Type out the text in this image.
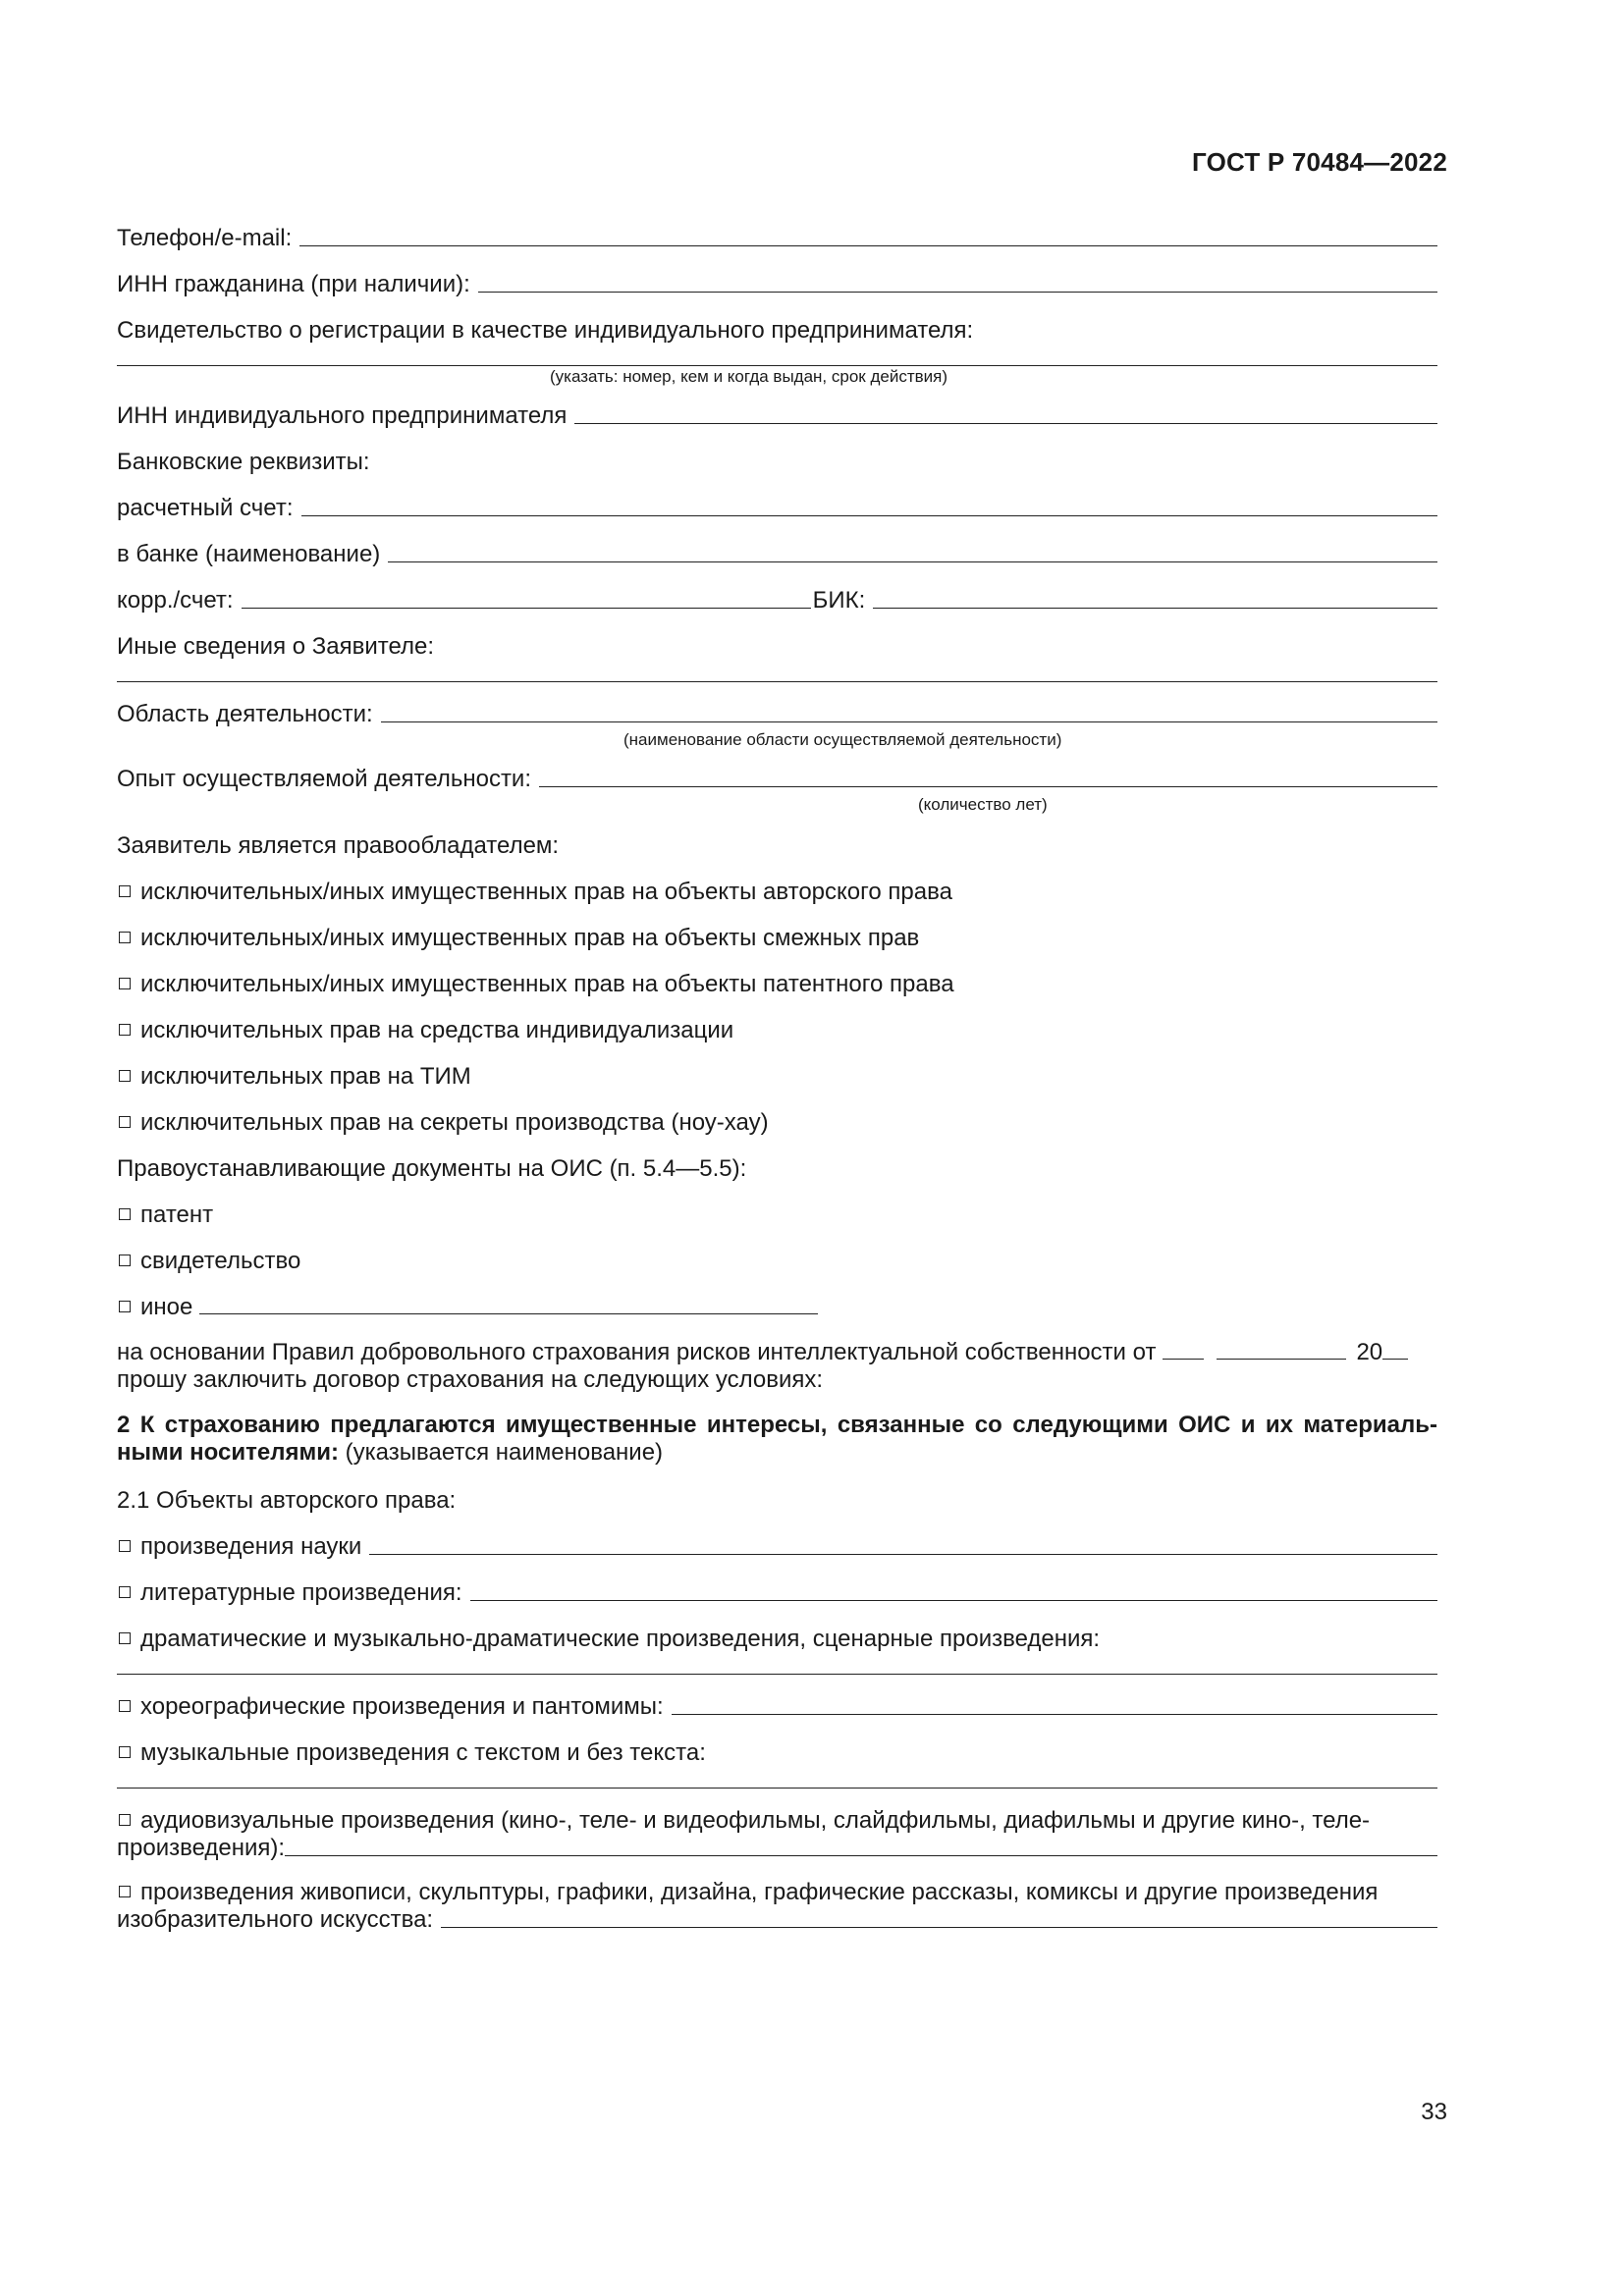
ГОСТ Р 70484—2022
Телефон/e-mail:
ИНН гражданина (при наличии):
Свидетельство о регистрации в качестве индивидуального предпринимателя:
(указать: номер, кем и когда выдан, срок действия)
ИНН индивидуального предпринимателя
Банковские реквизиты:
расчетный счет:
в банке (наименование)
корр./счет:	БИК:
Иные сведения о Заявителе:
Область деятельности:
(наименование области осуществляемой деятельности)
Опыт осуществляемой деятельности:
(количество лет)
Заявитель является правообладателем:
исключительных/иных имущественных прав на объекты авторского права
исключительных/иных имущественных прав на объекты смежных прав
исключительных/иных имущественных прав на объекты патентного права
исключительных прав на средства индивидуализации
исключительных прав на ТИМ
исключительных прав на секреты производства (ноу-хау)
Правоустанавливающие документы на ОИС (п. 5.4—5.5):
патент
свидетельство
иное
на основании Правил добровольного страхования рисков интеллектуальной собственности от	20
прошу заключить договор страхования на следующих условиях:
2 К страхованию предлагаются имущественные интересы, связанные со следующими ОИС и их материаль-ными носителями: (указывается наименование)
2.1 Объекты авторского права:
произведения науки
литературные произведения:
драматические и музыкально-драматические произведения, сценарные произведения:
хореографические произведения и пантомимы:
музыкальные произведения с текстом и без текста:
аудиовизуальные произведения (кино-, теле- и видеофильмы, слайдфильмы, диафильмы и другие кино-, теле-
произведения):
произведения живописи, скульптуры, графики, дизайна, графические рассказы, комиксы и другие произведения
изобразительного искусства:
33
